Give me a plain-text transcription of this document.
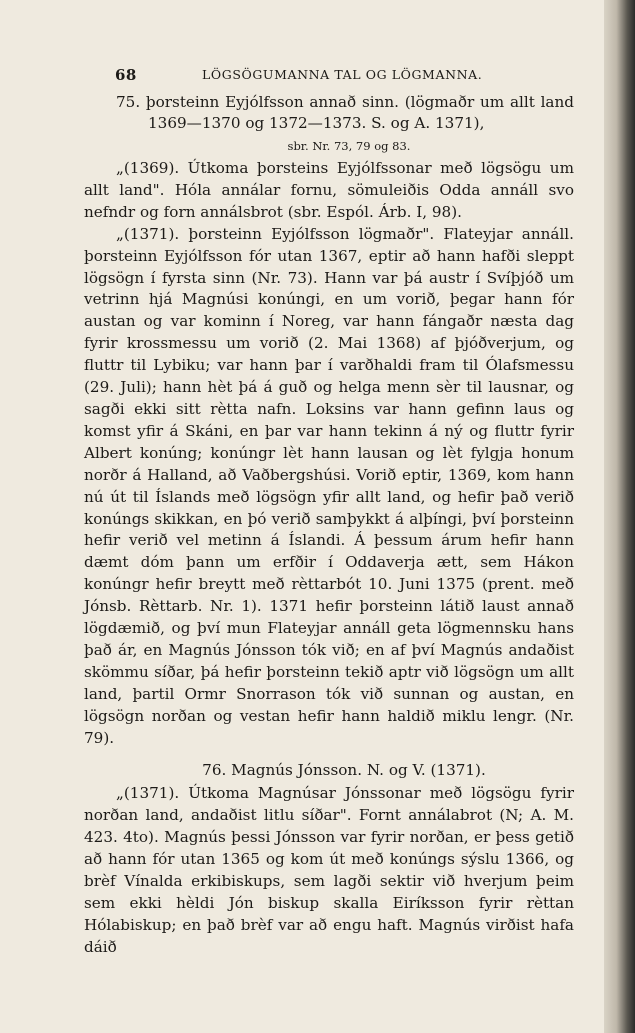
68	LÖGSÖGUMANNA TAL OG LÖGMANNA.
75. þorsteinn Eyjólfsson annað sinn. (lögmaðr um allt land 1369—1370 og 1372—1373. S. og A. 1371),
sbr. Nr. 73, 79 og 83.

„(1369). Útkoma þorsteins Eyjólfssonar með lögsögu um allt land". Hóla annálar fornu, sömuleiðis Odda annáll svo nefndr og forn annálsbrot (sbr. Espól. Árb. I, 98).

„(1371). þorsteinn Eyjólfsson lögmaðr". Flateyjar annáll. þorsteinn Eyjólfsson fór utan 1367, eptir að hann hafði sleppt lögsögn í fyrsta sinn (Nr. 73). Hann var þá austr í Svíþjóð um vetrinn hjá Magnúsi konúngi, en um vorið, þegar hann fór austan og var kominn í Noreg, var hann fángaðr næsta dag fyrir krossmessu um vorið (2. Mai 1368) af þjóðverjum, og fluttr til Lybiku; var hann þar í varðhaldi fram til Ólafsmessu (29. Juli); hann hèt þá á guð og helga menn sèr til lausnar, og sagði ekki sitt rètta nafn. Loksins var hann gefinn laus og komst yfir á Skáni, en þar var hann tekinn á ný og fluttr fyrir Albert konúng; konúngr lèt hann lausan og lèt fylgja honum norðr á Halland, að Vaðbergshúsi. Vorið eptir, 1369, kom hann nú út til Íslands með lögsögn yfir allt land, og hefir það verið konúngs skikkan, en þó verið samþykkt á alþíngi, því þorsteinn hefir verið vel metinn á Íslandi. Á þessum árum hefir hann dæmt dóm þann um erfðir í Oddaverja ætt, sem Hákon konúngr hefir breytt með rèttarbót 10. Juni 1375 (prent. með Jónsb. Rèttarb. Nr. 1). 1371 hefir þorsteinn látið laust annað lögdæmið, og því mun Flateyjar annáll geta lögmennsku hans það ár, en Magnús Jónsson tók við; en af því Magnús andaðist skömmu síðar, þá hefir þorsteinn tekið aptr við lögsögn um allt land, þartil Ormr Snorrason tók við sunnan og austan, en lögsögn norðan og vestan hefir hann haldið miklu lengr. (Nr. 79).

76. Magnús Jónsson. N. og V. (1371).

„(1371). Útkoma Magnúsar Jónssonar með lögsögu fyrir norðan land, andaðist litlu síðar". Fornt annálabrot (N; A. M. 423. 4to). Magnús þessi Jónsson var fyrir norðan, er þess getið að hann fór utan 1365 og kom út með konúngs sýslu 1366, og brèf Vínalda erkibiskups, sem lagði sektir við hverjum þeim sem ekki hèldi Jón biskup skalla Eiríksson fyrir rèttan Hólabiskup; en það brèf var að engu haft. Magnús virðist hafa dáið
